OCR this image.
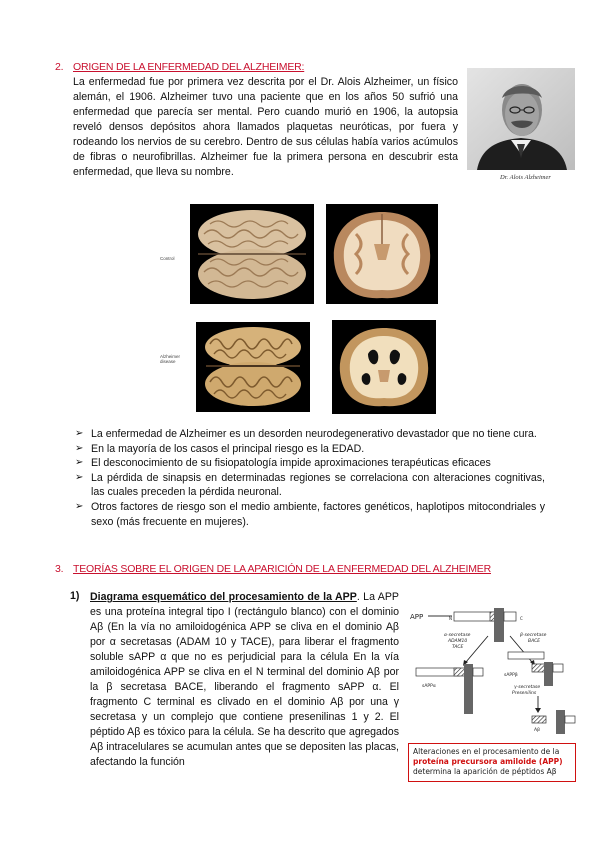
2. ORIGEN DE LA ENFERMEDAD DEL ALZHEIMER:
La enfermedad fue por primera vez descrita por el Dr. Alois Alzheimer, un físico alemán, el 1906. Alzheimer tuvo una paciente que en los años 50 sufrió una enfermedad que parecía ser mental. Pero cuando murió en 1906, la autopsia reveló densos depósitos ahora llamados plaquetas neuróticas, por fuera y rodeando los nervios de su cerebro. Dentro de sus células había varios acúmulos de fibras o neurofibrillas. Alzheimer fue la primera persona en descubrir esta enfermedad, que lleva su nombre.	Dr. Alois Alzheimer
Control
Alzheimer disease
➢ La enfermedad de Alzheimer es un desorden neurodegenerativo devastador que no tiene cura.
➢ En la mayoría de los casos el principal riesgo es la EDAD.
➢ El desconocimiento de su fisiopatología impide aproximaciones terapéuticas eficaces
➢ La pérdida de sinapsis en determinadas regiones se correlaciona con alteraciones cognitivas, las cuales preceden la pérdida neuronal.
➢ Otros factores de riesgo son el medio ambiente, factores genéticos, haplotipos mitocondriales y sexo (más frecuente en mujeres).
3. TEORÍAS SOBRE EL ORIGEN DE LA APARICIÓN DE LA ENFERMEDAD DEL ALZHEIMER
1) Diagrama esquemático del procesamiento de la APP. La APP es una proteína integral tipo I (rectángulo blanco) con el dominio Aβ (En la vía no amiloidogénica APP se cliva en el dominio Aβ por α secretasas (ADAM 10 y TACE), para liberar el fragmento soluble sAPP α que no es perjudicial para la célula En la vía amiloidogénica APP se cliva en el N terminal del dominio Aβ por la β secretasa BACE, liberando el fragmento sAPP α. El fragmento C terminal es clivado en el dominio Aβ por una γ secretasa y un complejo que contiene presenilinas 1 y 2. El péptido Aβ es tóxico para la célula. Se ha descrito que agregados Aβ intracelulares se acumulan antes que se depositen las placas, afectando la función
APP	N	C
α-secretase
ADAM10
TACE
β-secretase
BACE
sAPPα
sAPPβ
γ-secretase
Presenilins
Aβ
Alteraciones en el procesamiento de la proteína precursora amiloide (APP) determina la aparición de péptidos Aβ
